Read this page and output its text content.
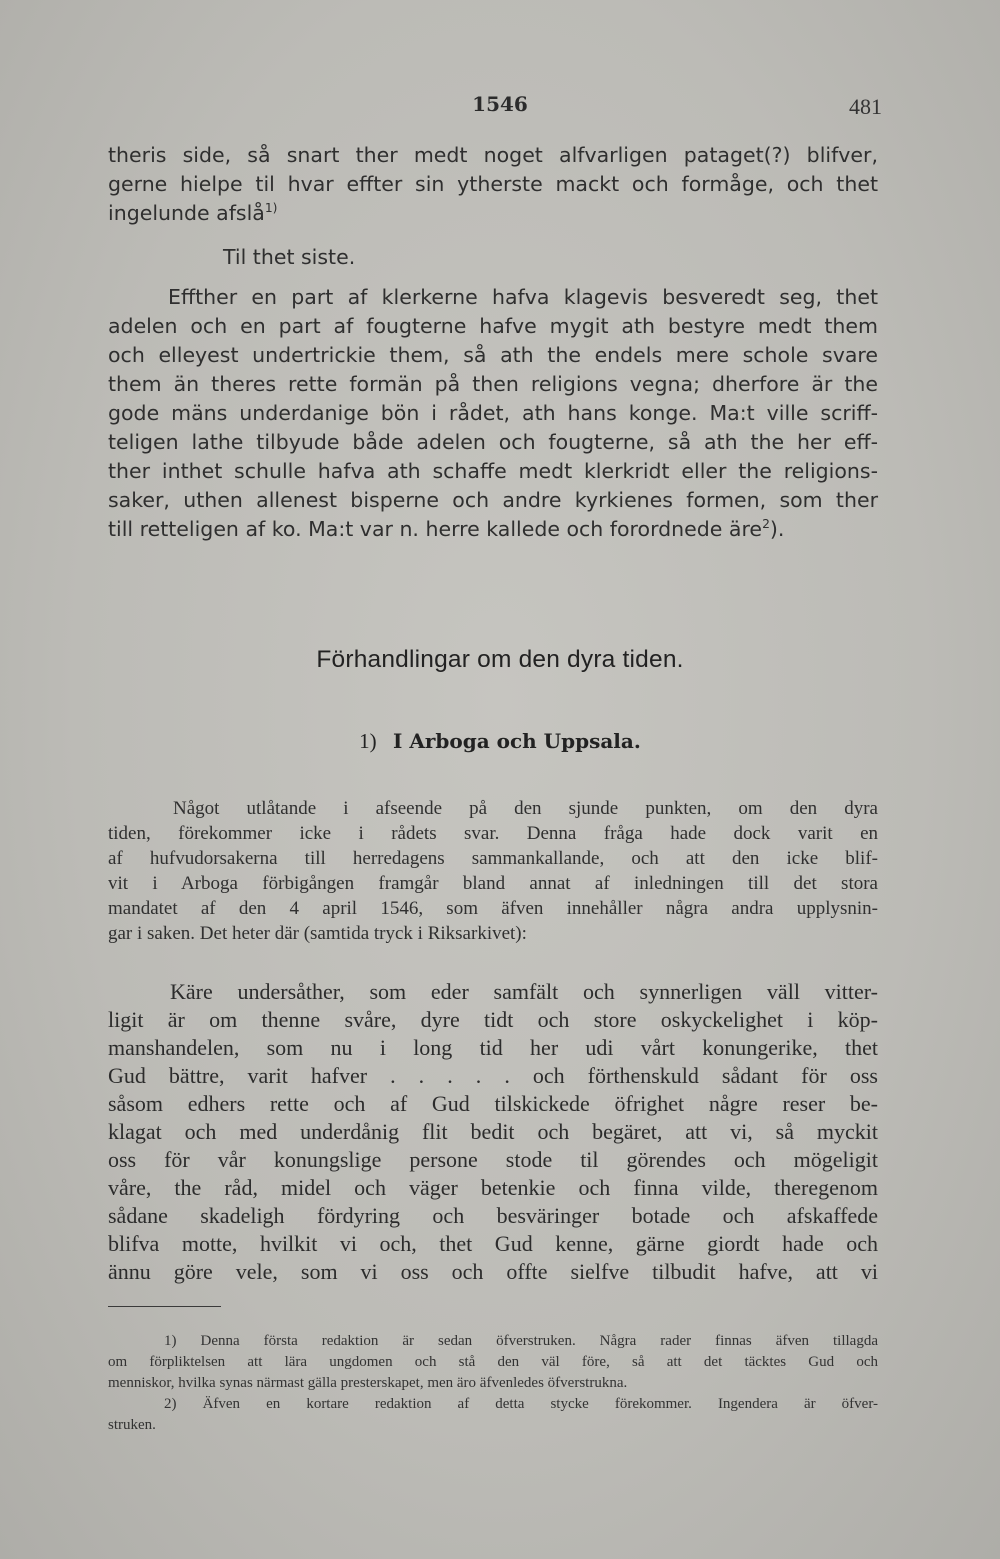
1546	481
theris side, så snart ther medt noget alfvarligen pataget(?) blifver,
gerne hielpe til hvar effter sin ytherste mackt och formåge, och thet
ingelunde afslå$^{1)}$
Til thet siste.
Effther en part af klerkerne hafva klagevis besveredt seg, thet
adelen och en part af fougterne hafve mygit ath bestyre medt them
och elleyest undertrickie them, så ath the endels mere schole svare
them än theres rette formän på then religions vegna; dherfore är the
gode mäns underdanige bön i rådet, ath hans konge. Ma:t ville scriff-
teligen lathe tilbyude både adelen och fougterne, så ath the her eff-
ther inthet schulle hafva ath schaffe medt klerkridt eller the religions-
saker, uthen allenest bisperne och andre kyrkienes formen, som ther
till retteligen af ko. Ma:t var n. herre kallede och forordnede äre$^2$).
Förhandlingar om den dyra tiden.
1) I Arboga och Uppsala.
Något utlåtande i afseende på den sjunde punkten, om den dyra
tiden, förekommer icke i rådets svar. Denna fråga hade dock varit en
af hufvudorsakerna till herredagens sammankallande, och att den icke blif-
vit i Arboga förbigången framgår bland annat af inledningen till det stora
mandatet af den 4 april 1546, som äfven innehåller några andra upplysnin-
gar i saken. Det heter där (samtida tryck i Riksarkivet):
Käre undersåther, som eder samfält och synnerligen väll vitter-
ligit är om thenne svåre, dyre tidt och store oskyckelighet i köp-
manshandelen, som nu i long tid her udi vårt konungerike, thet
Gud bättre, varit hafver . . . . . och förthenskuld sådant för oss
såsom edhers rette och af Gud tilskickede öfrighet någre reser be-
klagat och med underdånig flit bedit och begäret, att vi, så myckit
oss för vår konungslige persone stode til görendes och mögeligit
våre, the råd, midel och väger betenkie och finna vilde, theregenom
sådane skadeligh fördyring och besväringer botade och afskaffede
blifva motte, hvilkit vi och, thet Gud kenne, gärne giordt hade och
ännu göre vele, som vi oss och offte sielfve tilbudit hafve, att vi
1) Denna första redaktion är sedan öfverstruken. Några rader finnas äfven tillagda
om förpliktelsen att lära ungdomen och stå den väl före, så att det täcktes Gud och
menniskor, hvilka synas närmast gälla presterskapet, men äro äfvenledes öfverstrukna.
2) Äfven en kortare redaktion af detta stycke förekommer. Ingendera är öfver-
struken.
